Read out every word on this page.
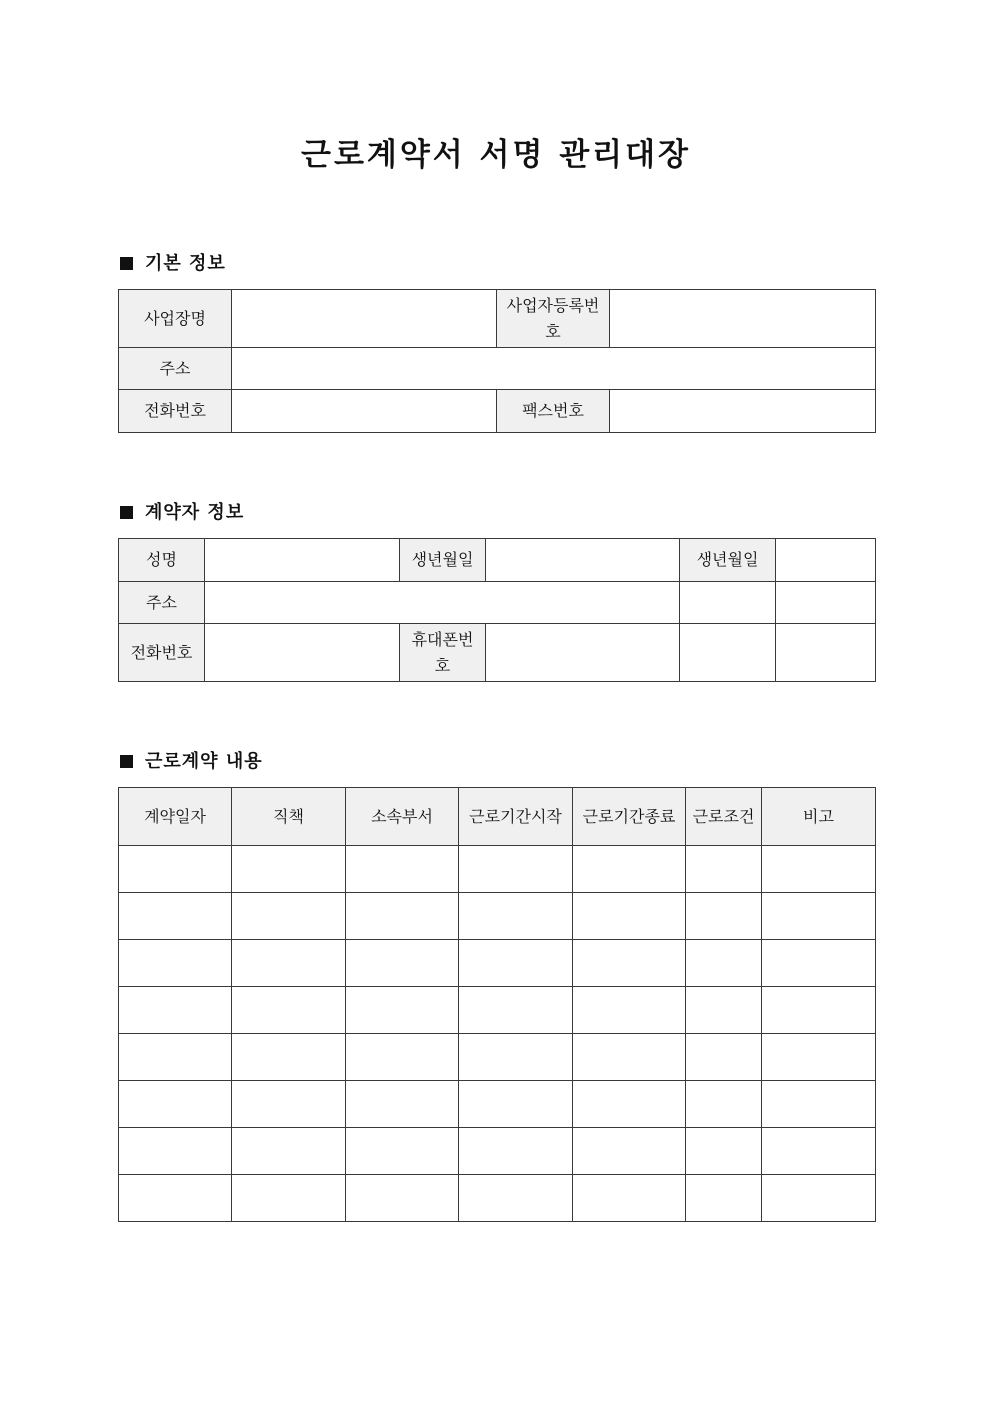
근로계약서 서명 관리대장
기본 정보
사업장명		사업자등록번호	
주소			
전화번호		팩스번호	
계약자 정보
성명		생년월일		생년월일	
주소					
전화번호		휴대폰번호			
근로계약 내용
계약일자	직책	소속부서	근로기간시작	근로기간종료	근로조건	비고
